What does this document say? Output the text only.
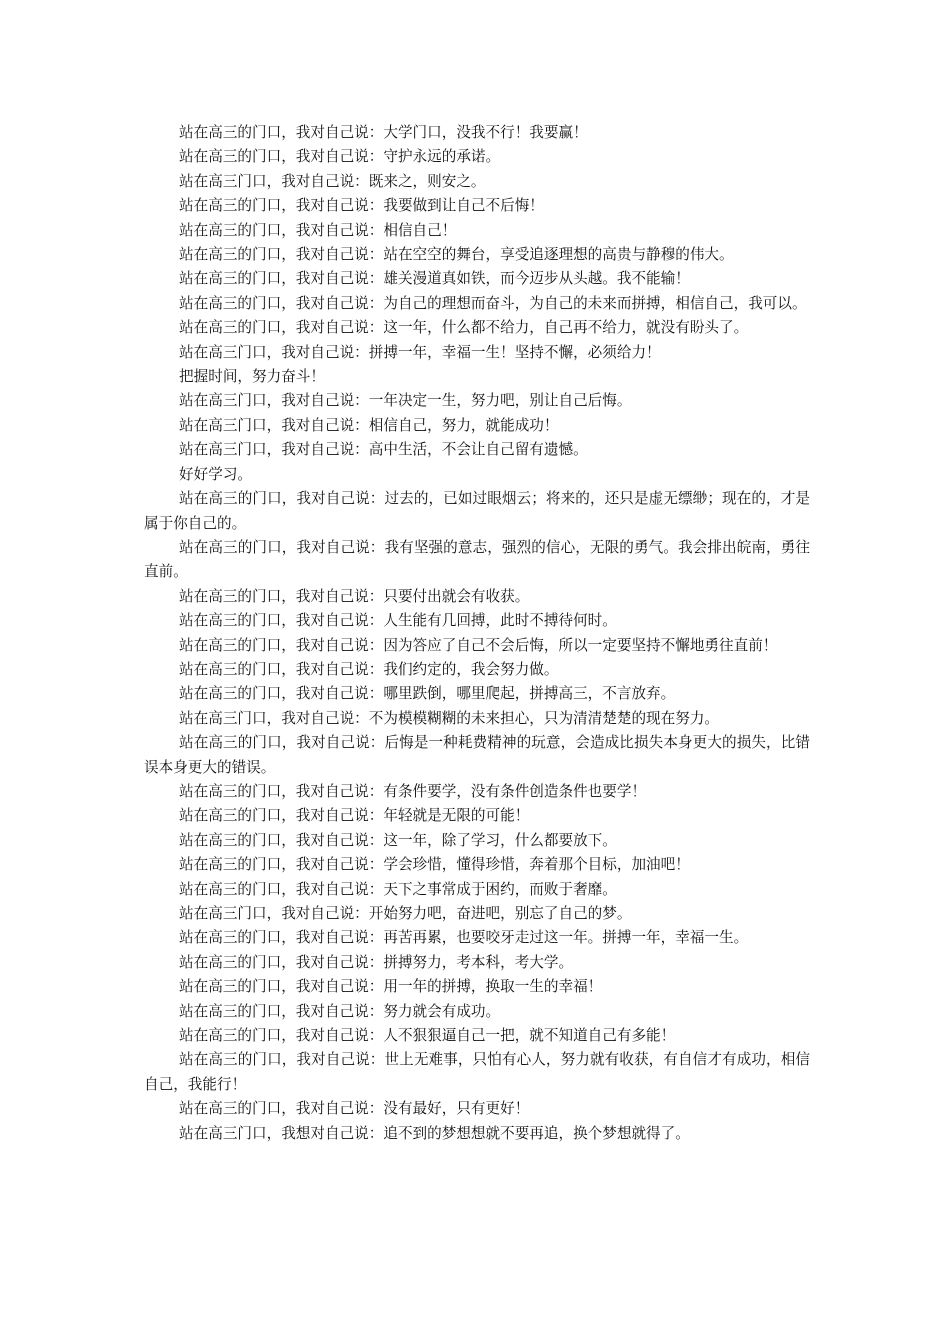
站在高三的门口，我对自己说：大学门口，没我不行！我要赢！

站在高三的门口，我对自己说：守护永远的承诺。

站在高三门口，我对自己说：既来之，则安之。

站在高三的门口，我对自己说：我要做到让自己不后悔！

站在高三的门口，我对自己说：相信自己！

站在高三的门口，我对自己说：站在空空的舞台，享受追逐理想的高贵与静穆的伟大。

站在高三的门口，我对自己说：雄关漫道真如铁，而今迈步从头越。我不能输！

站在高三的门口，我对自己说：为自己的理想而奋斗，为自己的未来而拼搏，相信自己，我可以。

站在高三的门口，我对自己说：这一年，什么都不给力，自己再不给力，就没有盼头了。

站在高三门口，我对自己说：拼搏一年，幸福一生！坚持不懈，必须给力！

把握时间，努力奋斗！

站在高三门口，我对自己说：一年决定一生，努力吧，别让自己后悔。

站在高三门口，我对自己说：相信自己，努力，就能成功！

站在高三门口，我对自己说：高中生活，不会让自己留有遗憾。

好好学习。

站在高三的门口，我对自己说：过去的，已如过眼烟云；将来的，还只是虚无缥缈；现在的，才是属于你自己的。

站在高三的门口，我对自己说：我有坚强的意志，强烈的信心，无限的勇气。我会排出皖南，勇往直前。

站在高三的门口，我对自己说：只要付出就会有收获。

站在高三的门口，我对自己说：人生能有几回搏，此时不搏待何时。

站在高三的门口，我对自己说：因为答应了自己不会后悔，所以一定要坚持不懈地勇往直前！

站在高三的门口，我对自己说：我们约定的，我会努力做。

站在高三的门口，我对自己说：哪里跌倒，哪里爬起，拼搏高三，不言放弃。

站在高三门口，我对自己说：不为模模糊糊的未来担心，只为清清楚楚的现在努力。

站在高三的门口，我对自己说：后悔是一种耗费精神的玩意，会造成比损失本身更大的损失，比错误本身更大的错误。

站在高三的门口，我对自己说：有条件要学，没有条件创造条件也要学！

站在高三的门口，我对自己说：年轻就是无限的可能！

站在高三的门口，我对自己说：这一年，除了学习，什么都要放下。

站在高三的门口，我对自己说：学会珍惜，懂得珍惜，奔着那个目标，加油吧！

站在高三的门口，我对自己说：天下之事常成于困约，而败于奢靡。

站在高三门口，我对自己说：开始努力吧，奋进吧，别忘了自己的梦。

站在高三的门口，我对自己说：再苦再累，也要咬牙走过这一年。拼搏一年，幸福一生。

站在高三的门口，我对自己说：拼搏努力，考本科，考大学。

站在高三的门口，我对自己说：用一年的拼搏，换取一生的幸福！

站在高三的门口，我对自己说：努力就会有成功。

站在高三的门口，我对自己说：人不狠狠逼自己一把，就不知道自己有多能！

站在高三的门口，我对自己说：世上无难事，只怕有心人，努力就有收获，有自信才有成功，相信自己，我能行！

站在高三的门口，我对自己说：没有最好，只有更好！

站在高三门口，我想对自己说：追不到的梦想想就不要再追，换个梦想就得了。
